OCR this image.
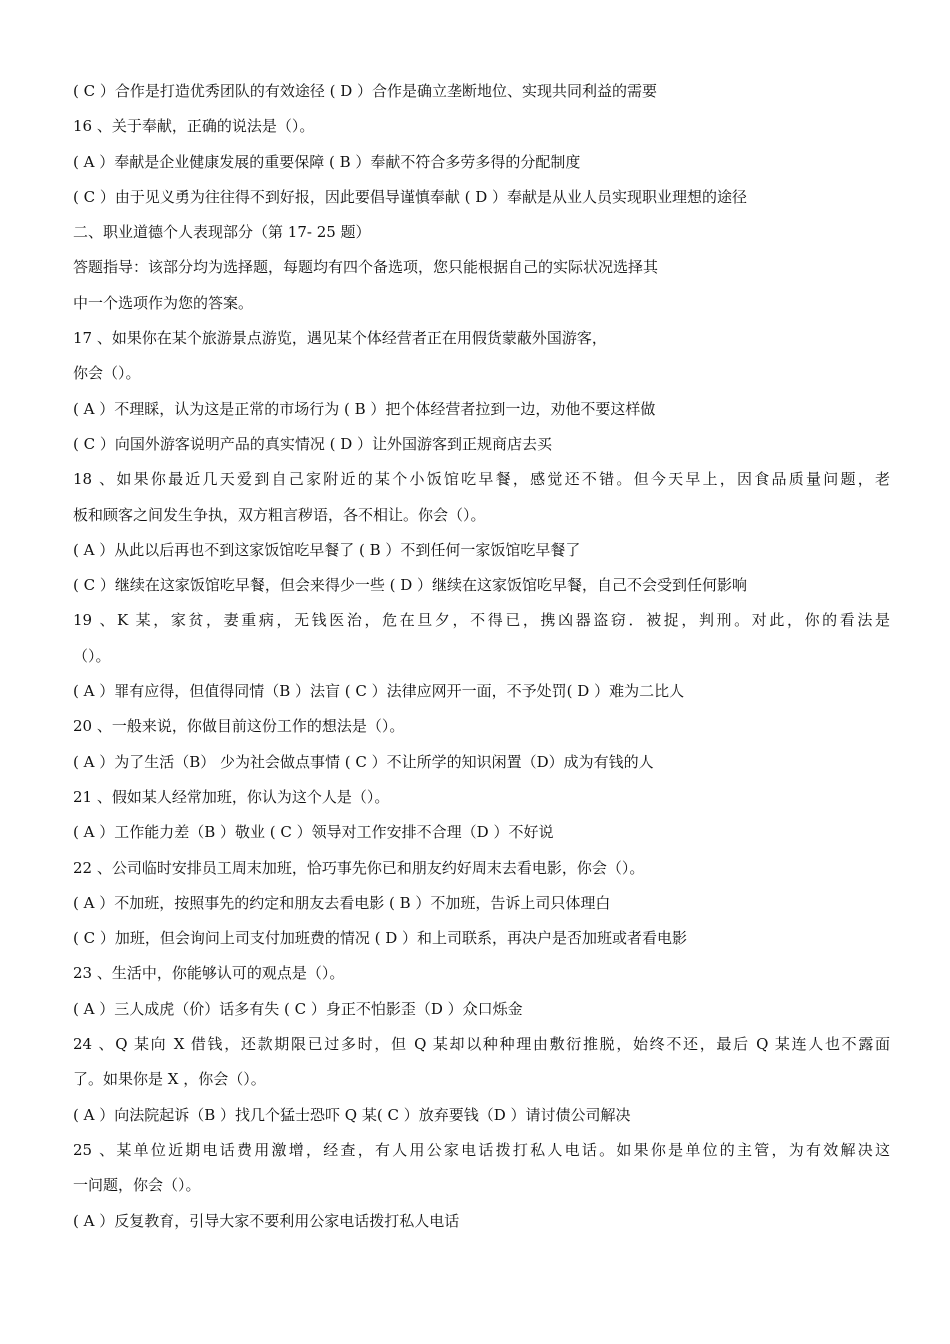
( C ）合作是打造优秀团队的有效途径 ( D ）合作是确立垄断地位、实现共同利益的需要
16 、关于奉献，正确的说法是（）。
( A ）奉献是企业健康发展的重要保障 ( B ）奉献不符合多劳多得的分配制度
( C ）由于见义勇为往往得不到好报，因此要倡导谨慎奉献 ( D ）奉献是从业人员实现职业理想的途径
二、职业道德个人表现部分（第 17- 25 题）
答题指导：该部分均为选择题，每题均有四个备选项，您只能根据自己的实际状况选择其
中一个选项作为您的答案。
17 、如果你在某个旅游景点游览，遇见某个体经营者正在用假货蒙蔽外国游客，
你会（）。
( A ）不理睬，认为这是正常的市场行为 ( B ）把个体经营者拉到一边，劝他不要这样做
( C ）向国外游客说明产品的真实情况 ( D ）让外国游客到正规商店去买
18 、如果你最近几天爱到自己家附近的某个小饭馆吃早餐，感觉还不错。但今天早上，因食品质量问题，老
板和顾客之间发生争执，双方粗言秽语，各不相让。你会（）。
( A ）从此以后再也不到这家饭馆吃早餐了 ( B ）不到任何一家饭馆吃早餐了
( C ）继续在这家饭馆吃早餐，但会来得少一些 ( D ）继续在这家饭馆吃早餐，自己不会受到任何影响
19 、K 某，家贫，妻重病，无钱医治，危在旦夕，不得已，携凶器盗窃．被捉，判刑。对此，你的看法是
（）。
( A ）罪有应得，但值得同情（B ）法盲 ( C ）法律应网开一面，不予处罚( D ）难为二比人
20 、一般来说，你做目前这份工作的想法是（）。
( A ）为了生活（B） 少为社会做点事情 ( C ）不让所学的知识闲置（D）成为有钱的人
21 、假如某人经常加班，你认为这个人是（）。
( A ）工作能力差（B ）敬业 ( C ）领导对工作安排不合理（D ）不好说
22 、公司临时安排员工周末加班，恰巧事先你已和朋友约好周末去看电影，你会（）。
( A ）不加班，按照事先的约定和朋友去看电影 ( B ）不加班，告诉上司只体理白
( C ）加班，但会询问上司支付加班费的情况 ( D ）和上司联系，再决户是否加班或者看电影
23 、生活中，你能够认可的观点是（）。
( A ）三人成虎（价）话多有失 ( C ）身正不怕影歪（D ）众口烁金
24 、Q 某向 X 借钱，还款期限已过多时，但 Q 某却以种种理由敷衍推脱，始终不还，最后 Q 某连人也不露面
了。如果你是 X ，你会（）。
( A ）向法院起诉（B ）找几个猛士恐吓 Q 某( C ）放弃要钱（D ）请讨债公司解决
25 、某单位近期电话费用激增，经查，有人用公家电话拨打私人电话。如果你是单位的主管，为有效解决这
一问题，你会（）。
( A ）反复教育，引导大家不要利用公家电话拨打私人电话
